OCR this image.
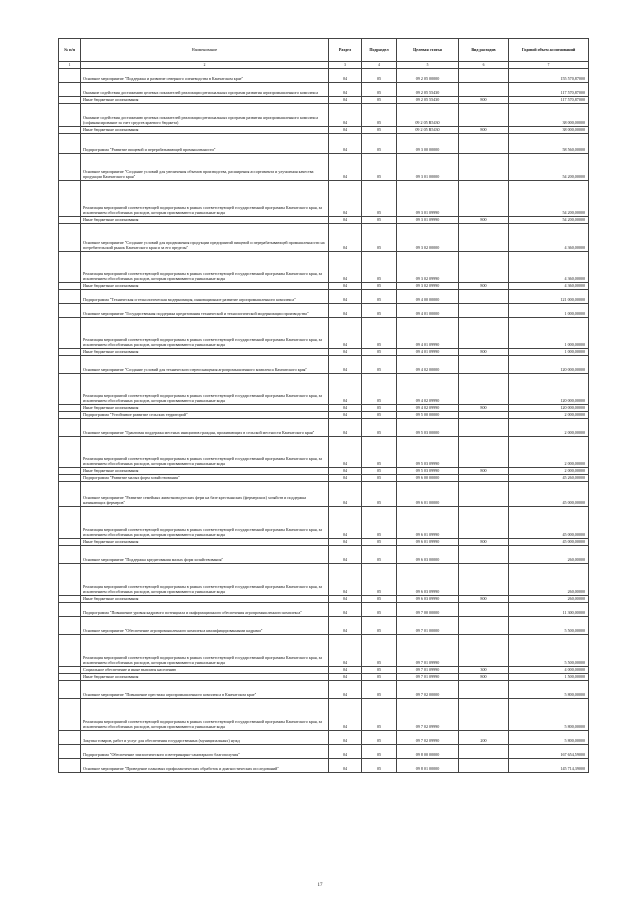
№ п/п	Наименование	Раздел	Подраздел	Целевая статья	Вид расходов	Годовой объем ассигнований
1	2	3	4	5	6	7
	Основное мероприятие "Поддержка и развитие северного оленеводства в Камчатском крае"	04	05	09 2 05 00000		155 570,87000
	Оказание содействия достижению целевых показателей реализации региональных программ развития агропромышленного комплекса	04	05	09 2 05 55430		117 570,87000
	Иные бюджетные ассигнования	04	05	09 2 05 55430	800	117 570,87000
	Оказание содействия достижению целевых показателей реализации региональных программ развития агропромышленного комплекса (софинансирование за счет средств краевого бюджета)	04	05	09 2 05 R5430		38 000,00000
	Иные бюджетные ассигнования	04	05	09 2 05 R5430	800	38 000,00000
	Подпрограмма "Развитие пищевой и перерабатывающей промышленности"	04	05	09 3 00 00000		58 560,00000
	Основное мероприятие "Создание условий для увеличения объемов производства, расширения ассортимента и улучшения качества продукции Камчатского края"	04	05	09 3 01 00000		54 200,00000
	Реализация мероприятий соответствующей подпрограммы в рамках соответствующей государственной программы Камчатского края, за исключением обособленных расходов, которым присваиваются уникальные коды	04	05	09 3 01 09990		54 200,00000
	Иные бюджетные ассигнования	04	05	09 3 01 09990	800	54 200,00000
	Основное мероприятие "Создание условий для продвижения продукции предприятий пищевой и перерабатывающей промышленности на потребительский рынок Камчатского края и за его пределы"	04	05	09 3 02 00000		4 360,00000
	Реализация мероприятий соответствующей подпрограммы в рамках соответствующей государственной программы Камчатского края, за исключением обособленных расходов, которым присваиваются уникальные коды	04	05	09 3 02 09990		4 360,00000
	Иные бюджетные ассигнования	04	05	09 3 02 09990	800	4 360,00000
	Подпрограмма "Техническая и технологическая модернизация, инновационное развитие агропромышленного комплекса"	04	05	09 4 00 00000		121 000,00000
	Основное мероприятие "Государственная поддержка кредитования технической и технологической модернизации производства"	04	05	09 4 01 00000		1 000,00000
	Реализация мероприятий соответствующей подпрограммы в рамках соответствующей государственной программы Камчатского края, за исключением обособленных расходов, которым присваиваются уникальные коды	04	05	09 4 01 09990		1 000,00000
	Иные бюджетные ассигнования	04	05	09 4 01 09990	800	1 000,00000
	Основное мероприятие "Создание условий для технического переоснащения агропромышленного комплекса Камчатского края"	04	05	09 4 02 00000		120 000,00000
	Реализация мероприятий соответствующей подпрограммы в рамках соответствующей государственной программы Камчатского края, за исключением обособленных расходов, которым присваиваются уникальные коды	04	05	09 4 02 09990		120 000,00000
	Иные бюджетные ассигнования	04	05	09 4 02 09990	800	120 000,00000
	Подпрограмма "Устойчивое развитие сельских территорий"	04	05	09 5 00 00000		2 000,00000
	Основное мероприятие "Грантовая поддержка местных инициатив граждан, проживающих в сельской местности Камчатского края"	04	05	09 5 03 00000		2 000,00000
	Реализация мероприятий соответствующей подпрограммы в рамках соответствующей государственной программы Камчатского края, за исключением обособленных расходов, которым присваиваются уникальные коды	04	05	09 5 03 09990		2 000,00000
	Иные бюджетные ассигнования	04	05	09 5 03 09990	800	2 000,00000
	Подпрограмма "Развитие малых форм хозяйствования"	04	05	09 6 00 00000		45 260,00000
	Основное мероприятие "Развитие семейных животноводческих ферм на базе крестьянских (фермерских) хозяйств и поддержка начинающих фермеров"	04	05	09 6 01 00000		45 000,00000
	Реализация мероприятий соответствующей подпрограммы в рамках соответствующей государственной программы Камчатского края, за исключением обособленных расходов, которым присваиваются уникальные коды	04	05	09 6 01 09990		45 000,00000
	Иные бюджетные ассигнования	04	05	09 6 01 09990	800	45 000,00000
	Основное мероприятие "Поддержка кредитования малых форм хозяйствования"	04	05	09 6 03 00000		260,00000
	Реализация мероприятий соответствующей подпрограммы в рамках соответствующей государственной программы Камчатского края, за исключением обособленных расходов, которым присваиваются уникальные коды	04	05	09 6 03 09990		260,00000
	Иные бюджетные ассигнования	04	05	09 6 03 09990	800	260,00000
	Подпрограмма "Повышение уровня кадрового потенциала и информационного обеспечения агропромышленного комплекса"	04	05	09 7 00 00000		11 300,00000
	Основное мероприятие "Обеспечение агропромышленного комплекса квалифицированными кадрами"	04	05	09 7 01 00000		5 500,00000
	Реализация мероприятий соответствующей подпрограммы в рамках соответствующей государственной программы Камчатского края, за исключением обособленных расходов, которым присваиваются уникальные коды	04	05	09 7 01 09990		5 500,00000
	Социальное обеспечение и иные выплаты населению	04	05	09 7 01 09990	300	4 000,00000
	Иные бюджетные ассигнования	04	05	09 7 01 09990	800	1 500,00000
	Основное мероприятие "Повышение престижа агропромышленного комплекса в Камчатском крае"	04	05	09 7 02 00000		5 800,00000
	Реализация мероприятий соответствующей подпрограммы в рамках соответствующей государственной программы Камчатского края, за исключением обособленных расходов, которым присваиваются уникальные коды	04	05	09 7 02 09990		5 800,00000
	Закупка товаров, работ и услуг для обеспечения государственных (муниципальных) нужд	04	05	09 7 02 09990	200	5 800,00000
	Подпрограмма "Обеспечение эпизоотического и ветеринарно-санитарного благополучия"	04	05	09 8 00 00000		167 654,59000
	Основное мероприятие "Проведение плановых профилактических обработок и диагностических исследований"	04	05	09 8 01 00000		145 714,39000
17
